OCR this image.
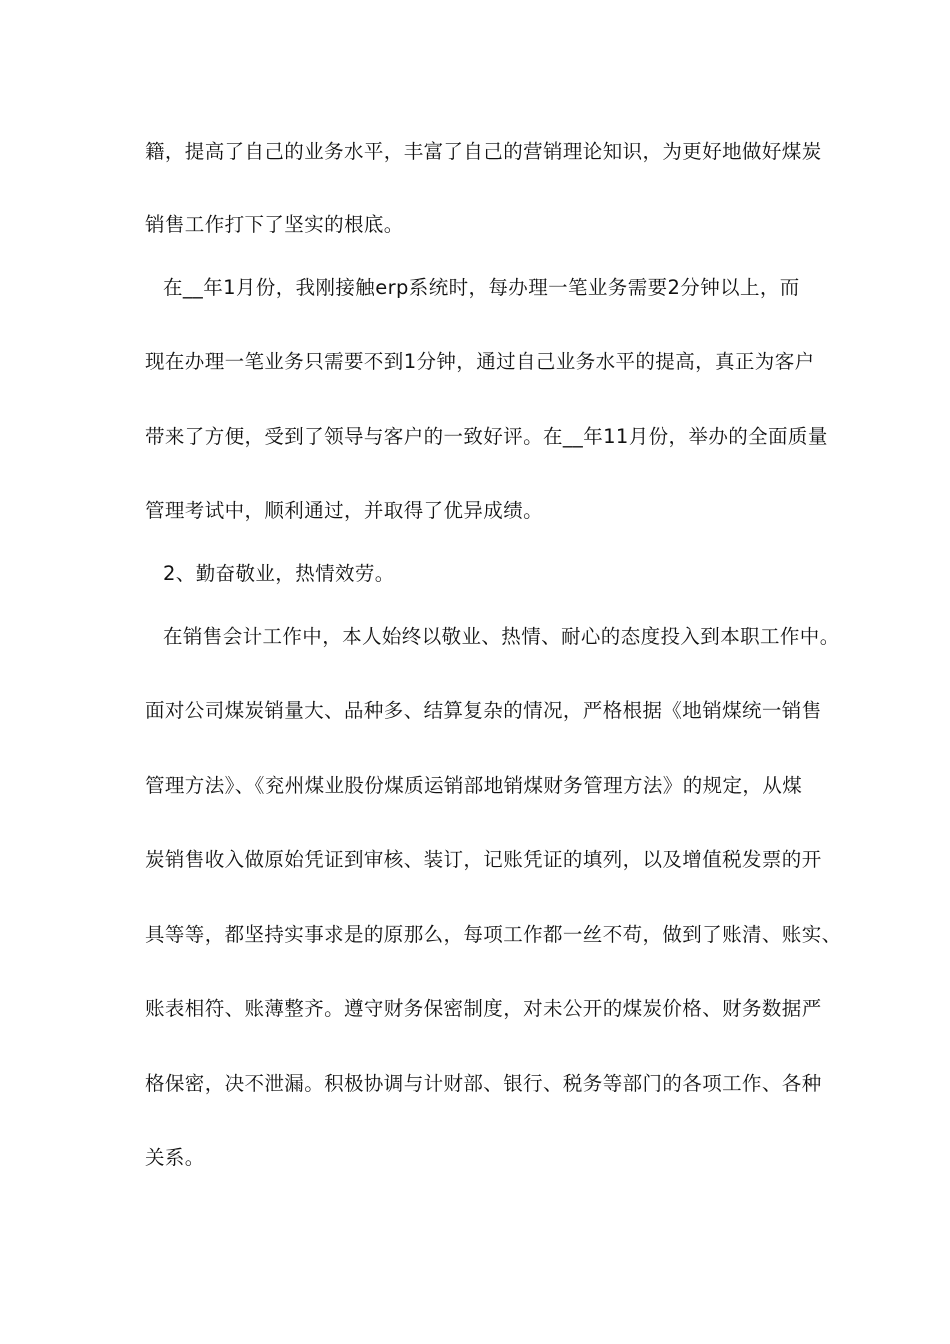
籍，提高了自己的业务水平，丰富了自己的营销理论知识，为更好地做好煤炭
销售工作打下了坚实的根底。
在__年1月份，我刚接触erp系统时，每办理一笔业务需要2分钟以上，而
现在办理一笔业务只需要不到1分钟，通过自己业务水平的提高，真正为客户
带来了方便，受到了领导与客户的一致好评。在__年11月份，举办的全面质量
管理考试中，顺利通过，并取得了优异成绩。
2、勤奋敬业，热情效劳。
在销售会计工作中，本人始终以敬业、热情、耐心的态度投入到本职工作中。
面对公司煤炭销量大、品种多、结算复杂的情况，严格根据《地销煤统一销售
管理方法》、《兖州煤业股份煤质运销部地销煤财务管理方法》的规定，从煤
炭销售收入做原始凭证到审核、装订，记账凭证的填列，以及增值税发票的开
具等等，都坚持实事求是的原那么，每项工作都一丝不苟，做到了账清、账实、
账表相符、账薄整齐。遵守财务保密制度，对未公开的煤炭价格、财务数据严
格保密，决不泄漏。积极协调与计财部、银行、税务等部门的各项工作、各种
关系。
